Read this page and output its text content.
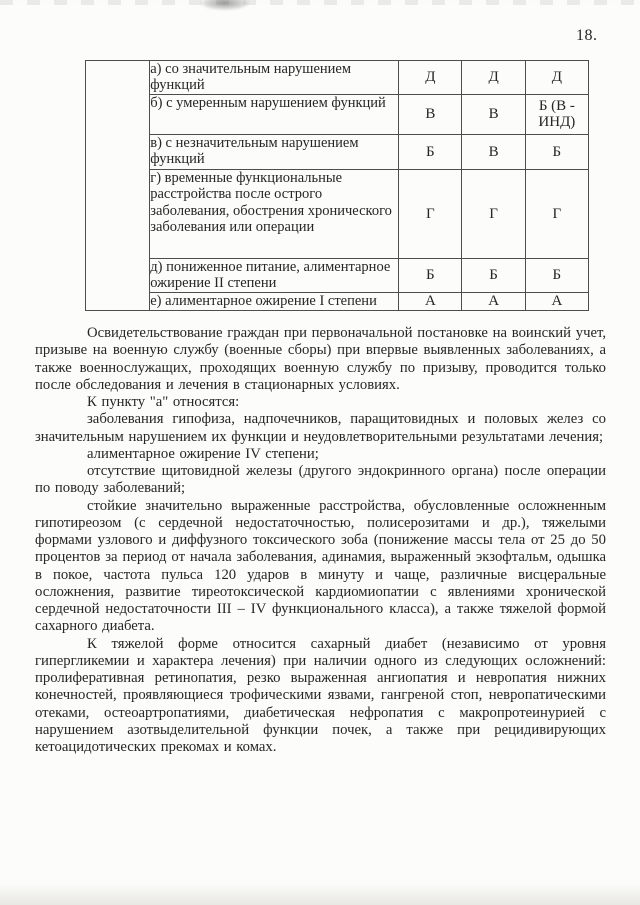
18.
	а) со значительным нарушением функций	Д	Д	Д
	б) с умеренным нарушением функций	В	В	Б (В - ИНД)
	в) с незначительным нарушением функций	Б	В	Б
	г) временные функциональные расстройства после острого заболевания, обострения хронического заболевания или операции	Г	Г	Г
	д) пониженное питание, алиментарное ожирение II степени	Б	Б	Б
	е) алиментарное ожирение I степени	А	А	А

Освидетельствование граждан при первоначальной постановке на воинский учет, призыве на военную службу (военные сборы) при впервые выявленных заболеваниях, а также военнослужащих, проходящих военную службу по призыву, проводится только после обследования и лечения в стационарных условиях.

К пункту "а" относятся:

заболевания гипофиза, надпочечников, паращитовидных и половых желез со значительным нарушением их функции и неудовлетворительными результатами лечения;

алиментарное ожирение IV степени;

отсутствие щитовидной железы (другого эндокринного органа) после операции по поводу заболеваний;

стойкие значительно выраженные расстройства, обусловленные осложненным гипотиреозом (с сердечной недостаточностью, полисерозитами и др.), тяжелыми формами узлового и диффузного токсического зоба (понижение массы тела от 25 до 50 процентов за период от начала заболевания, адинамия, выраженный экзофтальм, одышка в покое, частота пульса 120 ударов в минуту и чаще, различные висцеральные осложнения, развитие тиреотоксической кардиомиопатии с явлениями хронической сердечной недостаточности III – IV функционального класса), а также тяжелой формой сахарного диабета.

К тяжелой форме относится сахарный диабет (независимо от уровня гипергликемии и характера лечения) при наличии одного из следующих осложнений: пролиферативная ретинопатия, резко выраженная ангиопатия и невропатия нижних конечностей, проявляющиеся трофическими язвами, гангреной стоп, невропатическими отеками, остеоартропатиями, диабетическая нефропатия с макропротеинурией с нарушением азотвыделительной функции почек, а также при рецидивирующих кетоацидотических прекомах и комах.
